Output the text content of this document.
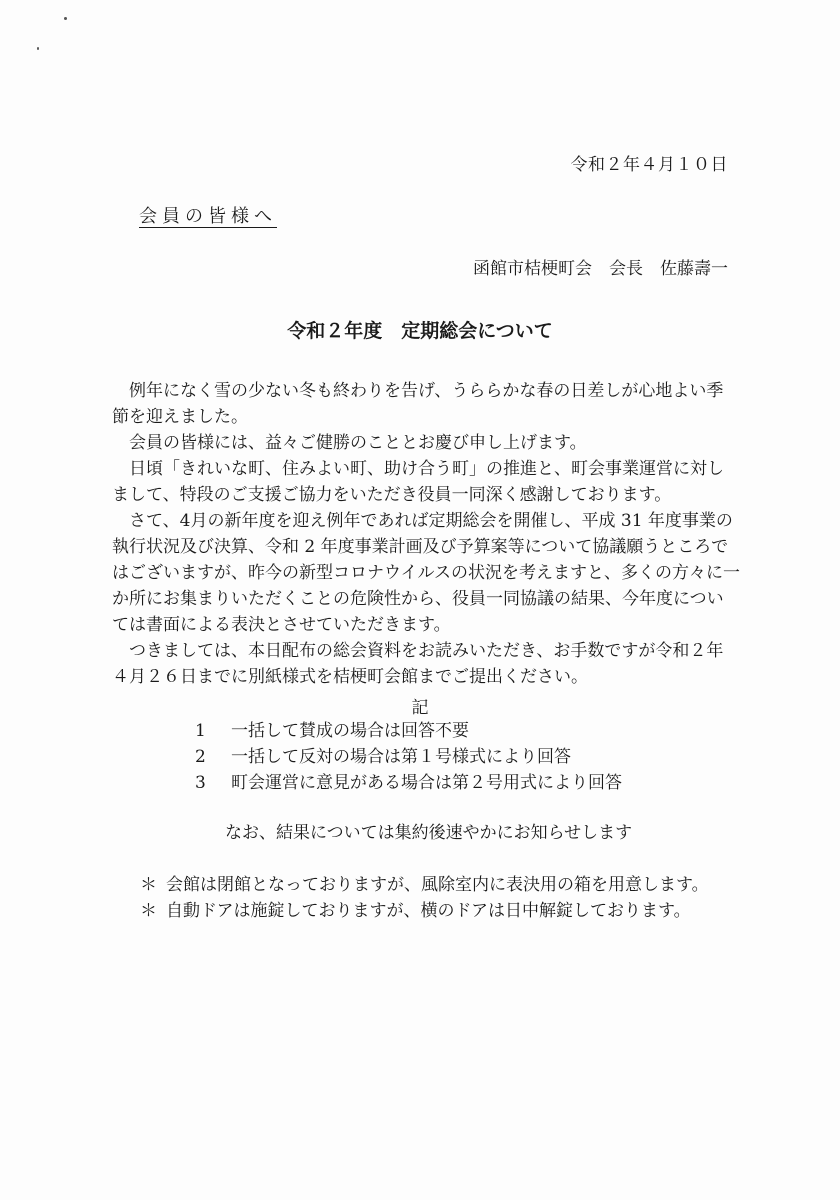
令和２年４月１０日
会員の皆様へ
函館市桔梗町会　会長　佐藤壽一
令和２年度　定期総会について

例年になく雪の少ない冬も終わりを告げ、うららかな春の日差しが心地よい季節を迎えました。

会員の皆様には、益々ご健勝のこととお慶び申し上げます。

日頃「きれいな町、住みよい町、助け合う町」の推進と、町会事業運営に対しまして、特段のご支援ご協力をいただき役員一同深く感謝しております。

さて、4月の新年度を迎え例年であれば定期総会を開催し、平成 31 年度事業の執行状況及び決算、令和 2 年度事業計画及び予算案等について協議願うところではございますが、昨今の新型コロナウイルスの状況を考えますと、多くの方々に一か所にお集まりいただくことの危険性から、役員一同協議の結果、今年度については書面による表決とさせていただきます。

つきましては、本日配布の総会資料をお読みいただき、お手数ですが令和２年４月２６日までに別紙様式を桔梗町会館までご提出ください。

記
1	一括して賛成の場合は回答不要
2	一括して反対の場合は第１号様式により回答
3	町会運営に意見がある場合は第２号用式により回答
なお、結果については集約後速やかにお知らせします
＊ 会館は閉館となっておりますが、風除室内に表決用の箱を用意します。
＊ 自動ドアは施錠しておりますが、横のドアは日中解錠しております。
